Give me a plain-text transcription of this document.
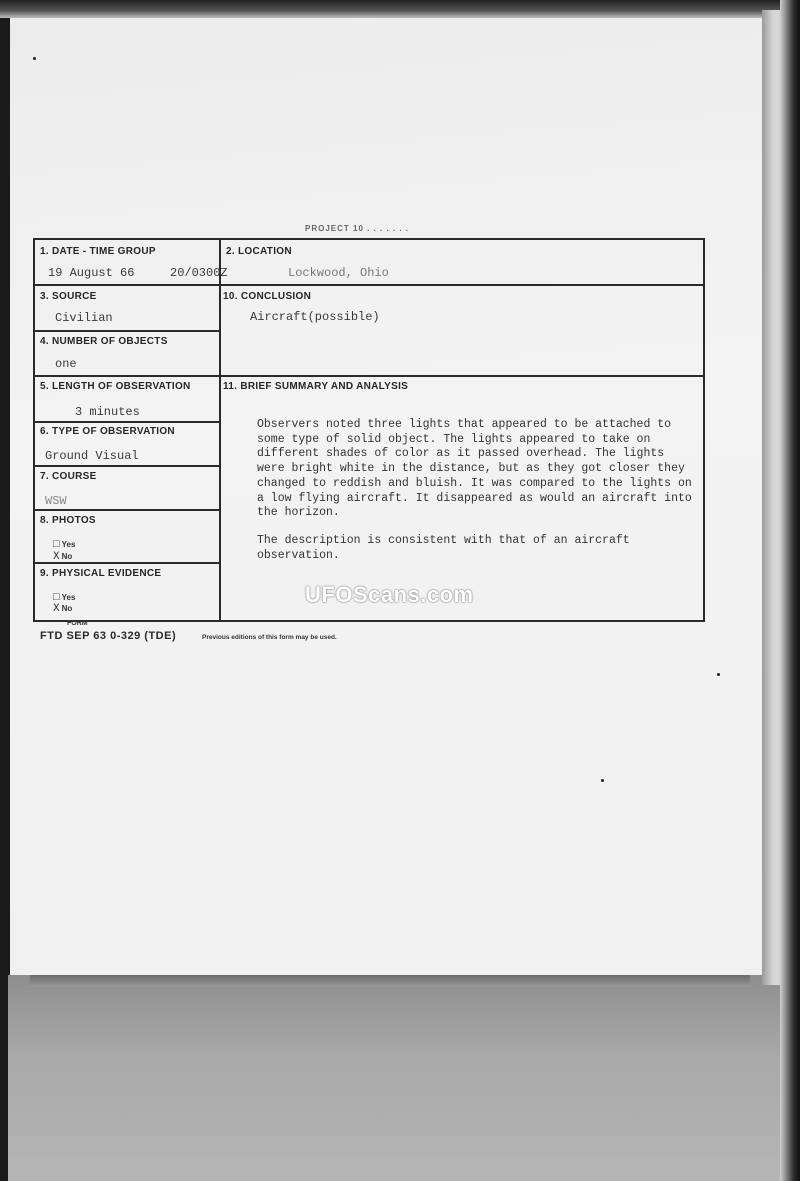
PROJECT 10 . . . . . . .
1. DATE - TIME GROUP
19 August 66	20/0300Z
2. LOCATION
Lockwood, Ohio
3. SOURCE
Civilian
4. NUMBER OF OBJECTS
one
5. LENGTH OF OBSERVATION
3 minutes
6. TYPE OF OBSERVATION
Ground Visual
7. COURSE
WSW
8. PHOTOS
□ Yes
X No
9. PHYSICAL EVIDENCE
□ Yes
X No
10. CONCLUSION
Aircraft(possible)
11. BRIEF SUMMARY AND ANALYSIS

Observers noted three lights that appeared to be attached to some type of solid object. The lights appeared to take on different shades of color as it passed overhead. The lights were bright white in the distance, but as they got closer they changed to reddish and bluish. It was compared to the lights on a low flying aircraft. It disappeared as would an aircraft into the horizon.

The description is consistent with that of an aircraft observation.

UFOScans.com
FORM
FTD SEP 63 0-329 (TDE)	Previous editions of this form may be used.
